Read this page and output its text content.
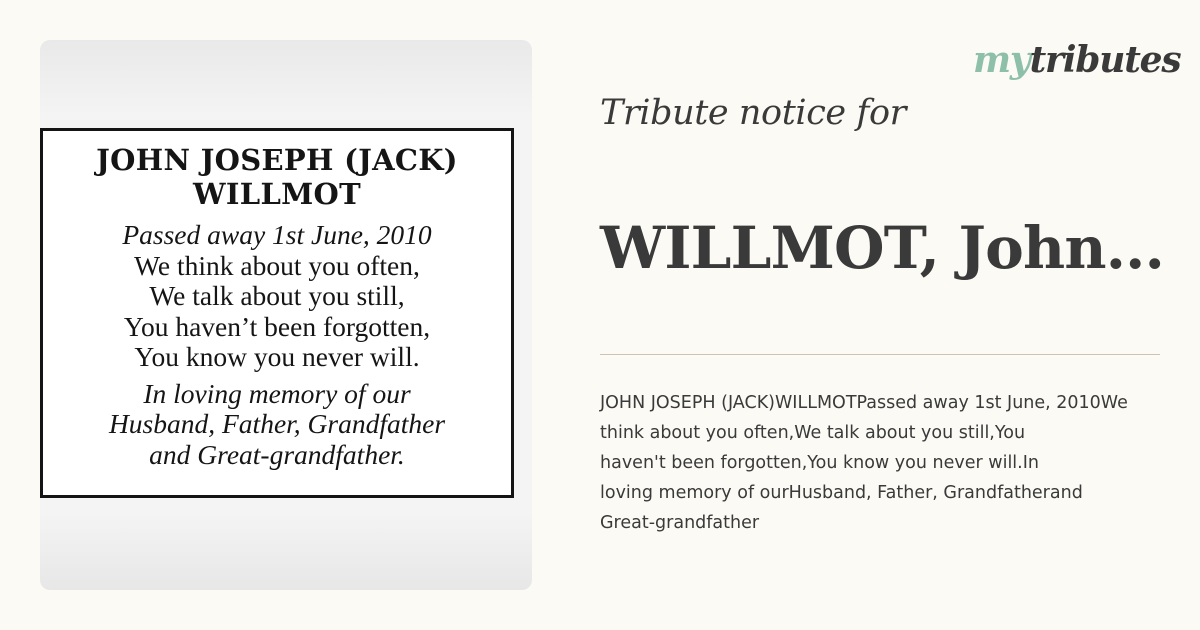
JOHN JOSEPH (JACK)
WILLMOT
Passed away 1st June, 2010
We think about you often,
We talk about you still,
You haven’t been forgotten,
You know you never will.
In loving memory of our
Husband, Father, Grandfather
and Great-grandfather.
mytributes
Tribute notice for
WILLMOT, John...
JOHN JOSEPH (JACK)WILLMOTPassed away 1st June, 2010We
think about you often,We talk about you still,You
haven't been forgotten,You know you never will.In
loving memory of ourHusband, Father, Grandfatherand
Great-grandfather
